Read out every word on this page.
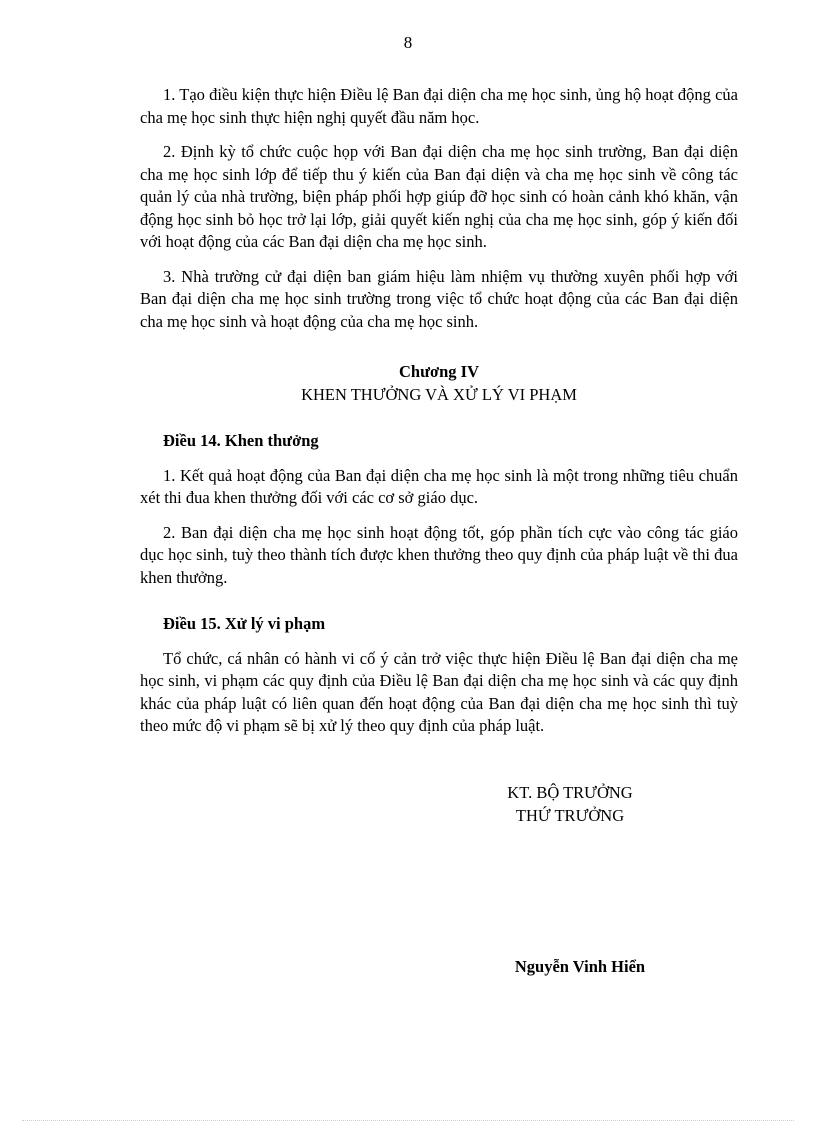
8

1. Tạo điều kiện thực hiện Điều lệ Ban đại diện cha mẹ học sinh, ủng hộ hoạt động của cha mẹ học sinh thực hiện nghị quyết đầu năm học.

2. Định kỳ tổ chức cuộc họp với Ban đại diện cha mẹ học sinh trường, Ban đại diện cha mẹ học sinh lớp để tiếp thu ý kiến của Ban đại diện và cha mẹ học sinh về công tác quản lý của nhà trường, biện pháp phối hợp giúp đỡ học sinh có hoàn cảnh khó khăn, vận động học sinh bỏ học trở lại lớp, giải quyết kiến nghị của cha mẹ học sinh, góp ý kiến đối với hoạt động của các Ban đại diện cha mẹ học sinh.

3. Nhà trường cử đại diện ban giám hiệu làm nhiệm vụ thường xuyên phối hợp với Ban đại diện cha mẹ học sinh trường trong việc tổ chức hoạt động của các Ban đại diện cha mẹ học sinh và hoạt động của cha mẹ học sinh.

Chương IV
KHEN THƯỞNG VÀ XỬ LÝ VI PHẠM
Điều 14. Khen thưởng

1. Kết quả hoạt động của Ban đại diện cha mẹ học sinh là một trong những tiêu chuẩn xét thi đua khen thưởng đối với các cơ sở giáo dục.

2. Ban đại diện cha mẹ học sinh hoạt động tốt, góp phần tích cực vào công tác giáo dục học sinh, tuỳ theo thành tích được khen thưởng theo quy định của pháp luật về thi đua khen thưởng.

Điều 15. Xử lý vi phạm

Tổ chức, cá nhân có hành vi cố ý cản trở việc thực hiện Điều lệ Ban đại diện cha mẹ học sinh, vi phạm các quy định của Điều lệ Ban đại diện cha mẹ học sinh và các quy định khác của pháp luật có liên quan đến hoạt động của Ban đại diện cha mẹ học sinh thì tuỳ theo mức độ vi phạm sẽ bị xử lý theo quy định của pháp luật.

KT. BỘ TRƯỞNG
THỨ TRƯỞNG
Nguyễn Vinh Hiển
